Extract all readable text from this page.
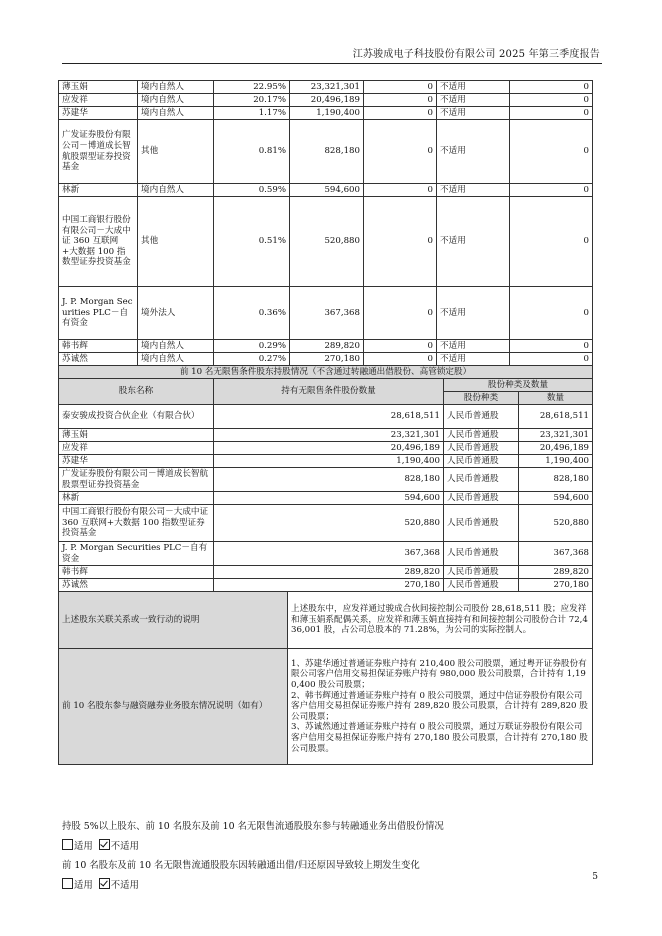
江苏骏成电子科技股份有限公司 2025 年第三季度报告
薄玉娟	境内自然人	22.95%	23,321,301	0	不适用	0
应发祥	境内自然人	20.17%	20,496,189	0	不适用	0
苏建华	境内自然人	1.17%	1,190,400	0	不适用	0
广发证券股份有限公司－博道成长智航股票型证券投资基金	其他	0.81%	828,180	0	不适用	0
林新	境内自然人	0.59%	594,600	0	不适用	0
中国工商银行股份有限公司－大成中证 360 互联网+大数据 100 指数型证券投资基金	其他	0.51%	520,880	0	不适用	0
J. P. Morgan Securities PLC－自有资金	境外法人	0.36%	367,368	0	不适用	0
韩书辉	境内自然人	0.29%	289,820	0	不适用	0
苏诚然	境内自然人	0.27%	270,180	0	不适用	0
前 10 名无限售条件股东持股情况（不含通过转融通出借股份、高管锁定股）			
股东名称	持有无限售条件股份数量	股份种类及数量	
		股份种类	数量
泰安骏成投资合伙企业（有限合伙）	28,618,511	人民币普通股	28,618,511
薄玉娟	23,321,301	人民币普通股	23,321,301
应发祥	20,496,189	人民币普通股	20,496,189
苏建华	1,190,400	人民币普通股	1,190,400
广发证券股份有限公司－博道成长智航股票型证券投资基金	828,180	人民币普通股	828,180
林新	594,600	人民币普通股	594,600
中国工商银行股份有限公司－大成中证 360 互联网+大数据 100 指数型证券投资基金	520,880	人民币普通股	520,880
J. P. Morgan Securities PLC－自有资金	367,368	人民币普通股	367,368
韩书辉	289,820	人民币普通股	289,820
苏诚然	270,180	人民币普通股	270,180
上述股东关联关系或一致行动的说明	上述股东中，应发祥通过骏成合伙间接控制公司股份 28,618,511 股；应发祥和薄玉娟系配偶关系，应发祥和薄玉娟直接持有和间接控制公司股份合计 72,436,001 股，占公司总股本的 71.28%，为公司的实际控制人。
前 10 名股东参与融资融券业务股东情况说明（如有）	1、苏建华通过普通证券账户持有 210,400 股公司股票，通过粤开证券股份有限公司客户信用交易担保证券账户持有 980,000 股公司股票，合计持有 1,190,400 股公司股票；
2、韩书辉通过普通证券账户持有 0 股公司股票，通过中信证券股份有限公司客户信用交易担保证券账户持有 289,820 股公司股票，合计持有 289,820 股公司股票；
3、苏诚然通过普通证券账户持有 0 股公司股票，通过万联证券股份有限公司客户信用交易担保证券账户持有 270,180 股公司股票，合计持有 270,180 股公司股票。
持股 5%以上股东、前 10 名股东及前 10 名无限售流通股股东参与转融通业务出借股份情况
适用 不适用
前 10 名股东及前 10 名无限售流通股股东因转融通出借/归还原因导致较上期发生变化
适用 不适用
5
